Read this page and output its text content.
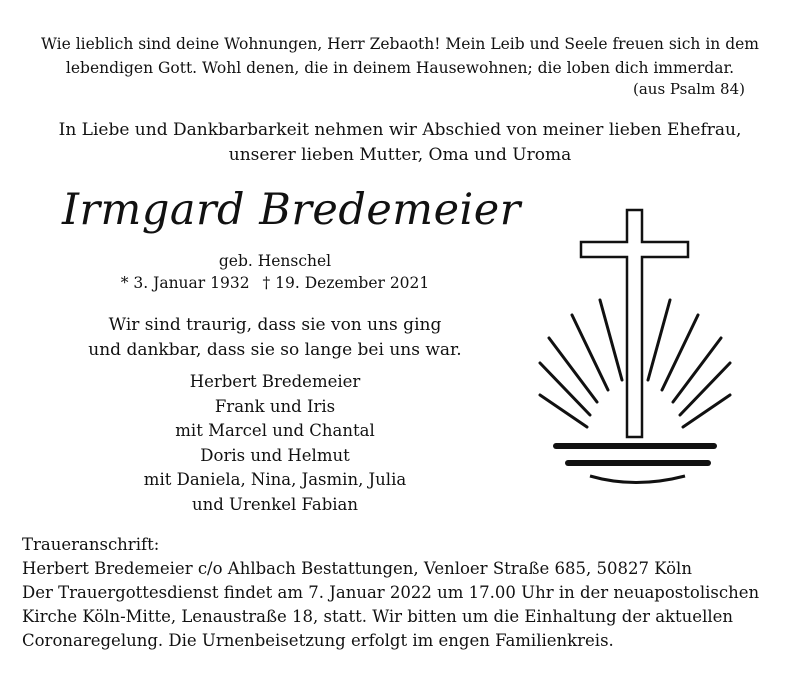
Wie lieblich sind deine Wohnungen, Herr Zebaoth! Mein Leib und Seele freuen sich in dem
lebendigen Gott. Wohl denen, die in deinem Hausewohnen; die loben dich immerdar.
(aus Psalm 84)
In Liebe und Dankbarbarkeit nehmen wir Abschied von meiner lieben Ehefrau,
unserer lieben Mutter, Oma und Uroma
Irmgard Bredemeier
geb. Henschel
* 3. Januar 1932 † 19. Dezember 2021
Wir sind traurig, dass sie von uns ging
und dankbar, dass sie so lange bei uns war.
Herbert Bredemeier
Frank und Iris
mit Marcel und Chantal
Doris und Helmut
mit Daniela, Nina, Jasmin, Julia
und Urenkel Fabian
Traueranschrift:
Herbert Bredemeier c/o Ahlbach Bestattungen, Venloer Straße 685, 50827 Köln
Der Trauergottesdienst findet am 7. Januar 2022 um 17.00 Uhr in der neuapostolischen
Kirche Köln-Mitte, Lenaustraße 18, statt. Wir bitten um die Einhaltung der aktuellen
Coronaregelung. Die Urnenbeisetzung erfolgt im engen Familienkreis.
